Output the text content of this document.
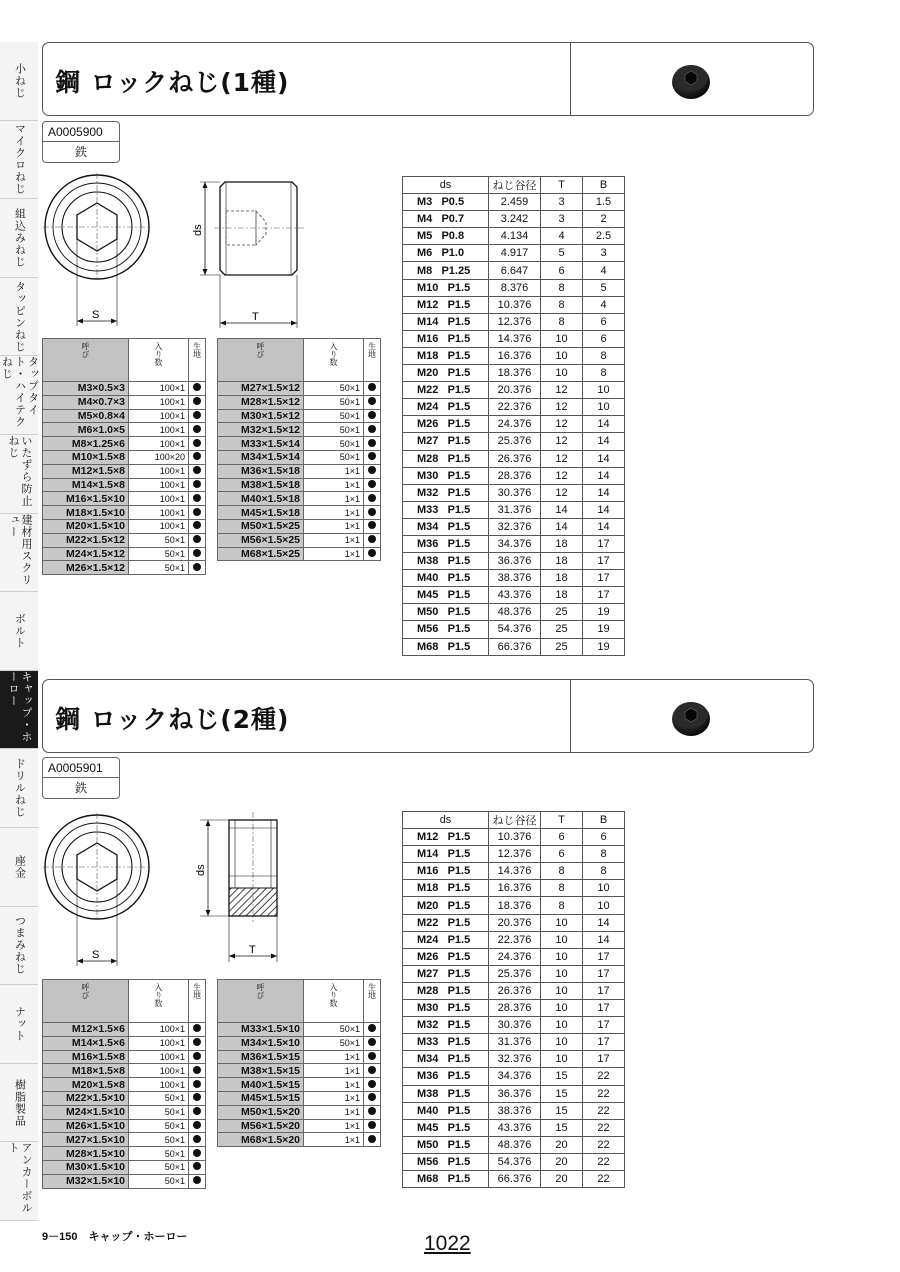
小ねじ
マイクロねじ
組込みねじ
タッピンねじ
タップタイト・ハイテクねじ
いたずら防止ねじ
建材用スクリュー
ボルト
キャップ・ホーロー
ドリルねじ
座金
つまみねじ
ナット
樹脂製品
アンカーボルト
鋼 ロックねじ(1種)
A0005900
鉄
S
ds
T
呼び	入り数	生地
M3×0.5×3	100×1	
M4×0.7×3	100×1	
M5×0.8×4	100×1	
M6×1.0×5	100×1	
M8×1.25×6	100×1	
M10×1.5×8	100×20	
M12×1.5×8	100×1	
M14×1.5×8	100×1	
M16×1.5×10	100×1	
M18×1.5×10	100×1	
M20×1.5×10	100×1	
M22×1.5×12	50×1	
M24×1.5×12	50×1	
M26×1.5×12	50×1	
呼び	入り数	生地
M27×1.5×12	50×1	
M28×1.5×12	50×1	
M30×1.5×12	50×1	
M32×1.5×12	50×1	
M33×1.5×14	50×1	
M34×1.5×14	50×1	
M36×1.5×18	1×1	
M38×1.5×18	1×1	
M40×1.5×18	1×1	
M45×1.5×18	1×1	
M50×1.5×25	1×1	
M56×1.5×25	1×1	
M68×1.5×25	1×1	
ds	ねじ谷径	T	B
M3   P0.5	2.459	3	1.5
M4   P0.7	3.242	3	2
M5   P0.8	4.134	4	2.5
M6   P1.0	4.917	5	3
M8   P1.25	6.647	6	4
M10   P1.5	8.376	8	5
M12   P1.5	10.376	8	4
M14   P1.5	12.376	8	6
M16   P1.5	14.376	10	6
M18   P1.5	16.376	10	8
M20   P1.5	18.376	10	8
M22   P1.5	20.376	12	10
M24   P1.5	22.376	12	10
M26   P1.5	24.376	12	14
M27   P1.5	25.376	12	14
M28   P1.5	26.376	12	14
M30   P1.5	28.376	12	14
M32   P1.5	30.376	12	14
M33   P1.5	31.376	14	14
M34   P1.5	32.376	14	14
M36   P1.5	34.376	18	17
M38   P1.5	36.376	18	17
M40   P1.5	38.376	18	17
M45   P1.5	43.376	18	17
M50   P1.5	48.376	25	19
M56   P1.5	54.376	25	19
M68   P1.5	66.376	25	19
鋼 ロックねじ(2種)
A0005901
鉄
S
ds
T
呼び	入り数	生地
M12×1.5×6	100×1	
M14×1.5×6	100×1	
M16×1.5×8	100×1	
M18×1.5×8	100×1	
M20×1.5×8	100×1	
M22×1.5×10	50×1	
M24×1.5×10	50×1	
M26×1.5×10	50×1	
M27×1.5×10	50×1	
M28×1.5×10	50×1	
M30×1.5×10	50×1	
M32×1.5×10	50×1	
呼び	入り数	生地
M33×1.5×10	50×1	
M34×1.5×10	50×1	
M36×1.5×15	1×1	
M38×1.5×15	1×1	
M40×1.5×15	1×1	
M45×1.5×15	1×1	
M50×1.5×20	1×1	
M56×1.5×20	1×1	
M68×1.5×20	1×1	
ds	ねじ谷径	T	B
M12   P1.5	10.376	6	6
M14   P1.5	12.376	6	8
M16   P1.5	14.376	8	8
M18   P1.5	16.376	8	10
M20   P1.5	18.376	8	10
M22   P1.5	20.376	10	14
M24   P1.5	22.376	10	14
M26   P1.5	24.376	10	17
M27   P1.5	25.376	10	17
M28   P1.5	26.376	10	17
M30   P1.5	28.376	10	17
M32   P1.5	30.376	10	17
M33   P1.5	31.376	10	17
M34   P1.5	32.376	10	17
M36   P1.5	34.376	15	22
M38   P1.5	36.376	15	22
M40   P1.5	38.376	15	22
M45   P1.5	43.376	15	22
M50   P1.5	48.376	20	22
M56   P1.5	54.376	20	22
M68   P1.5	66.376	20	22
9－150　キャップ・ホーロー	1022
